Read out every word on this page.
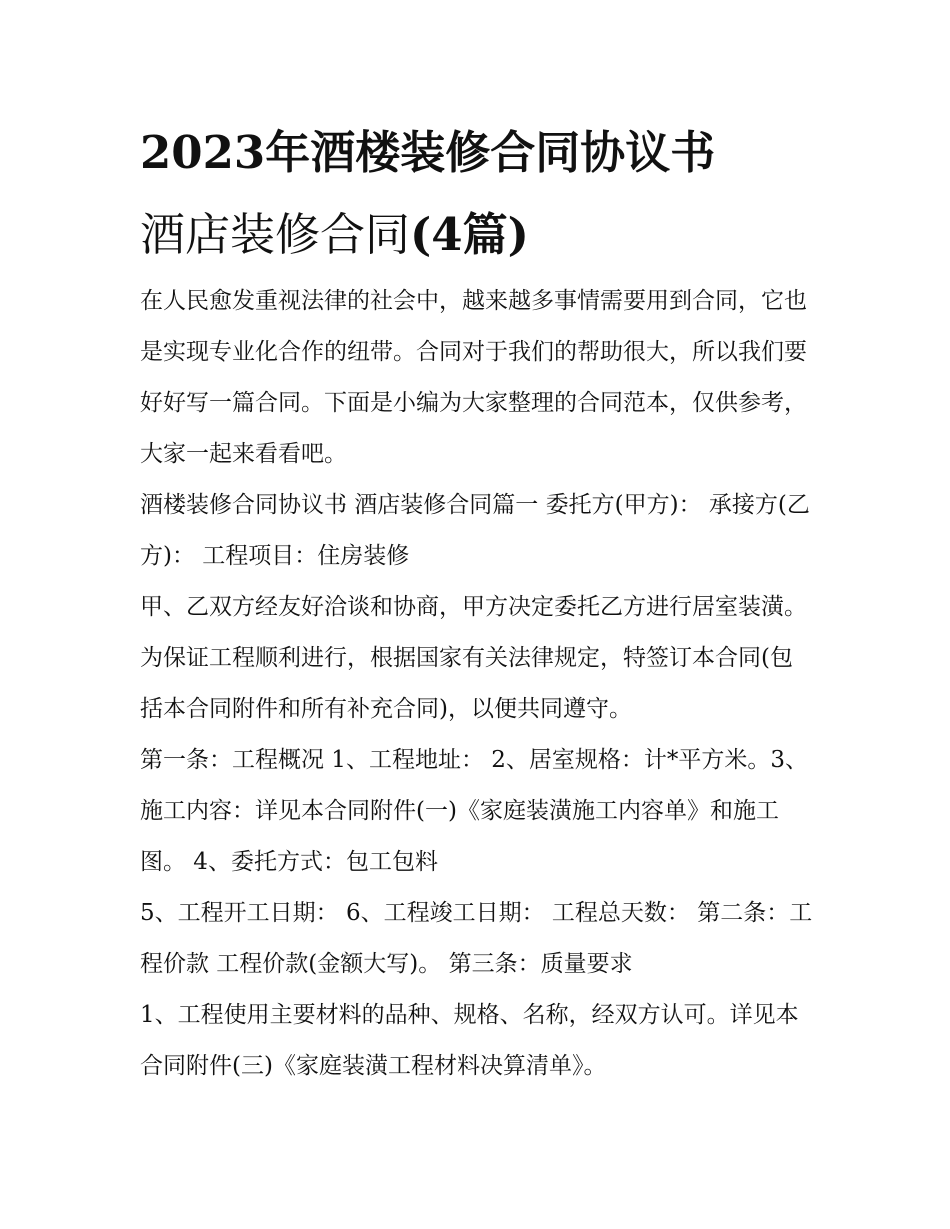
2023年酒楼装修合同协议书
酒店装修合同(4篇)

在人民愈发重视法律的社会中，越来越多事情需要用到合同，它也是实现专业化合作的纽带。合同对于我们的帮助很大，所以我们要好好写一篇合同。下面是小编为大家整理的合同范本，仅供参考，大家一起来看看吧。

酒楼装修合同协议书 酒店装修合同篇一 委托方(甲方)： 承接方(乙方)： 工程项目：住房装修

甲、乙双方经友好洽谈和协商，甲方决定委托乙方进行居室装潢。为保证工程顺利进行，根据国家有关法律规定，特签订本合同(包括本合同附件和所有补充合同)，以便共同遵守。

第一条：工程概况 1、工程地址： 2、居室规格：计*平方米。3、施工内容：详见本合同附件(一)《家庭装潢施工内容单》和施工图。 4、委托方式：包工包料

5、工程开工日期： 6、工程竣工日期： 工程总天数： 第二条：工程价款 工程价款(金额大写)。 第三条：质量要求

1、工程使用主要材料的品种、规格、名称，经双方认可。详见本合同附件(三)《家庭装潢工程材料决算清单》。
